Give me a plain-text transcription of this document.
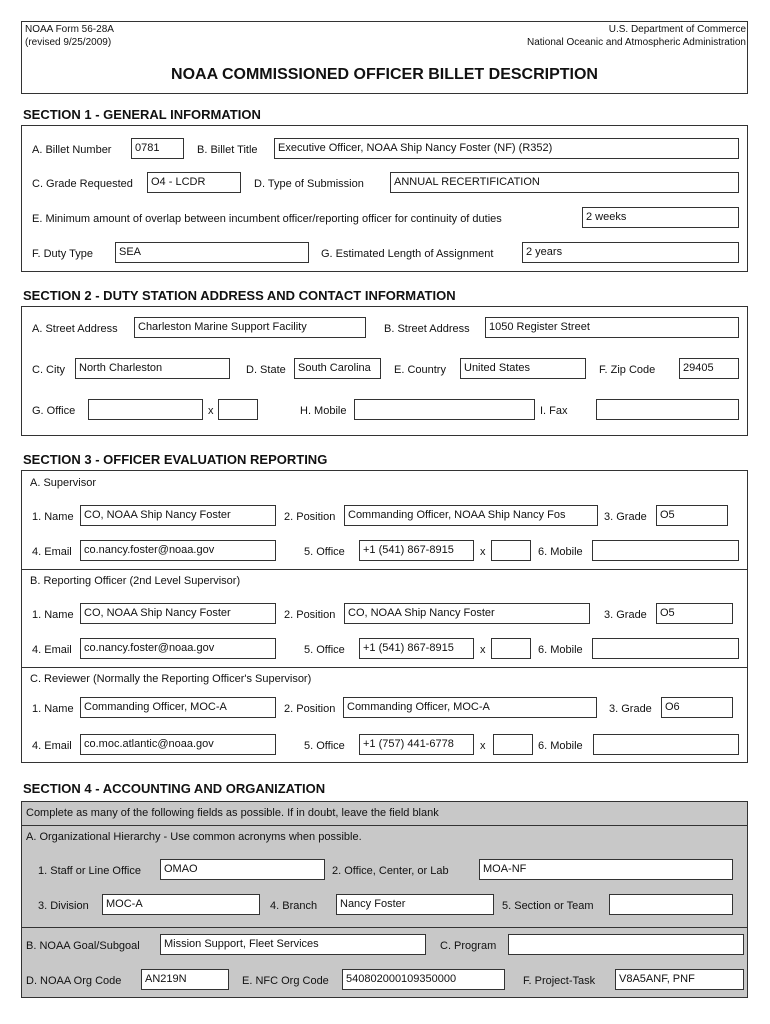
NOAA Form 56-28A
(revised 9/25/2009)
U.S. Department of Commerce
National Oceanic and Atmospheric Administration
NOAA COMMISSIONED OFFICER BILLET DESCRIPTION
SECTION 1 - GENERAL INFORMATION
A. Billet Number	0781	B. Billet Title	Executive Officer, NOAA Ship Nancy Foster (NF) (R352)
C. Grade Requested	O4 - LCDR	D. Type of Submission	ANNUAL RECERTIFICATION
E. Minimum amount of overlap between incumbent officer/reporting officer for continuity of duties	2 weeks
F. Duty Type	SEA	G. Estimated Length of Assignment	2 years
SECTION 2 - DUTY STATION ADDRESS AND CONTACT INFORMATION
A. Street Address	Charleston Marine Support Facility	B. Street Address	1050 Register Street
C. City	North Charleston	D. State	South Carolina	E. Country	United States	F. Zip Code	29405
G. Office	x	H. Mobile	I. Fax
SECTION 3 - OFFICER EVALUATION REPORTING
A. Supervisor
1. Name CO, NOAA Ship Nancy Foster	2. Position	Commanding Officer, NOAA Ship Nancy Fos	3. Grade	O5
4. Email	co.nancy.foster@noaa.gov	5. Office	+1 (541) 867-8915	x	6. Mobile
B. Reporting Officer (2nd Level Supervisor)
1. Name CO, NOAA Ship Nancy Foster	2. Position	CO, NOAA Ship Nancy Foster	3. Grade	O5
4. Email	co.nancy.foster@noaa.gov	5. Office	+1 (541) 867-8915	x	6. Mobile
C. Reviewer (Normally the Reporting Officer's Supervisor)
1. Name Commanding Officer, MOC-A	2. Position	Commanding Officer, MOC-A	3. Grade	O6
4. Email	co.moc.atlantic@noaa.gov	5. Office	+1 (757) 441-6778	x	6. Mobile
SECTION 4 - ACCOUNTING AND ORGANIZATION
Complete as many of the following fields as possible. If in doubt, leave the field blank
A. Organizational Hierarchy - Use common acronyms when possible.
1. Staff or Line Office	OMAO	2. Office, Center, or Lab	MOA-NF
3. Division	MOC-A	4. Branch	Nancy Foster	5. Section or Team
B. NOAA Goal/Subgoal	Mission Support, Fleet Services	C. Program
D. NOAA Org Code	AN219N	E. NFC Org Code	540802000109350000	F. Project-Task	V8A5ANF, PNF
